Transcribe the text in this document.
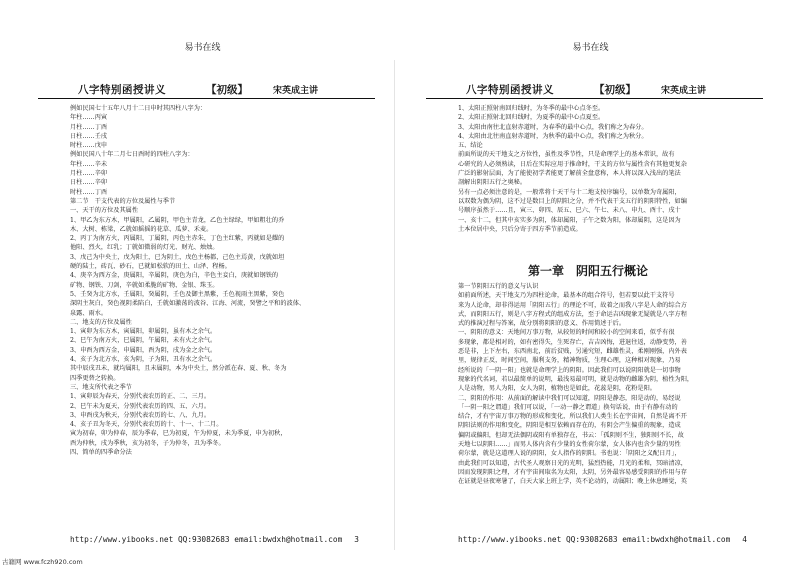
易书在线
八字特别函授讲义	【初级】	宋英成主讲

例如民国七十五年八月十二日申时其四柱八字为：

年柱……丙寅

月柱……丁酉

日柱……壬戌

时柱……戊申

例如民国八十年二月七日酉时的四柱八字为：

年柱……辛未

月柱……辛卯

日柱……辛卯

时柱……丁酉

第二节　干支代表的方位及属性与季节

一、天干的方位及其属性

1、甲乙为东方木，甲属阳，乙属阴，甲色主青龙，乙色主绿绿，甲如粗壮的乔

木、大树、栋梁，乙就如摇摇的花草、瓜萝、禾麦。

2、丙丁为南方火，丙属阳，丁属阴，丙色主赤朱，丁色主红紫，丙就如是耀的

他阳、烈火，红乳；丁就如微弱的灯光、财光、烛烛。

3、戊己为中央土，戊为阳土，已为阴土，戊色主杨都，己色主焉黄，戊就如坦

硬的陆土，砖瓦、砂石，已就如松软的田土、山泽、程杨。

4、庚辛为西方金，庚属阳，辛属阴，庚色为白，辛色主妾白，庚就如钢铁的

矿物、钢铁、刀剑，辛就如柔脆的矿物、金银、珠玉。

5、壬癸为北方水，壬属阳，癸属阴，壬色及御主黑紫，壬色视雨主黑紫，癸色

深阴主灰白，癸色视阴柔陷白，壬就如激荡的波谷、江海、河流，癸譬之平和的波体、

泉露、雨水。

二、地支的方位及属性

1、寅卯为东方木，寅属阳，卯属阴，虽有木之余气。

2、巳午为南方火，巳属阴，午属阳，未有火之余气。

3、申酉为西方金，申属阳，酉为阴，戌为金之余气。

4、亥子为北方水，亥为阴，子为阳，丑有水之余气。

其中辰戌丑未，就均属阳，且未属阴，本为中央土，然分派在春、夏、秋、冬为

四季更替之转换。

三、地支所代表之季节

1、寅卯辰为春天，分别代表农历的正、二、三月。

2、巳午未为夏天，分别代表农历的四、五、六月。

3、申酉戌为秋天，分别代表农历的七、八、九月。

4、亥子丑为冬天，分别代表农历的十、十一、十二月。

寅为初春，卯为仲春，辰为季春，巳为初夏，午为仲夏，未为季夏，申为初秋，

酉为仲秋，戌为季秋，亥为初冬，子为仲冬，丑为季冬。

四、简单的四季命分法

http://www.yibooks.net QQ:93082683 email:bwdxh@hotmail.com 3
易书在线
八字特别函授讲义	【初级】	宋英成主讲

1、太阳正照射南回归线时，为冬季的最中心点冬至。

2、太阳正照射北回归线时，为夏季的最中心点夏至。

3、太阳由南往北直射赤道时，为春季的最中心点，我们称之为春分。

4、太阳由北往南直射赤道时，为秋季的最中心点，我们称之为秋分。

五、结论

前面所说的天干地支之方位性，虽性及季节性，只是命理学上的基本常识，故有

心研究的人必须熟读，日后在实际应用于推命时，干支的方位与属性含有其他更复杂

广泛的影射层面，为了能使初学者能更了解前全盘意称，本人将以深入浅出的笔法

剖解出阴阳五行之奥秘。

另有一点必须注意的是，一般常将十天干与十二地支按序编号，以单数为奇属阳，

以双数为偶为阴，这不过是数目上的阴阳之分，并不代表干支五行的阴阳特性，如编

号顺序虽然于……且，寅三、卯四、辰五、巳六、午七、未八、申九、酉十、戌十

一、亥十二，但其中亥实多为阴，体却属阳，子午之数为阳，体却属阴，这是因为

土本位居中央，只后分寄于四方季节前造成。

第一章　阴阳五行概论

第一节阴阳五行的意义与认识

如前面所述，天干地支乃为四柱论命，最基本的组合符号，但若要以此干支符号

来为人论命，却非得运用「阴阳五行」的理论不可，故着之而我八字是人命的综合方

式，而阴阳五行，则是八字方程式的组成方法，至于命运吉凶现象无疑就是八字方程

式的推演过程与答案，故分别将阴阳的意义、作用简述于后。

一、阴阳的意义：天地间万事万物，从较短的时间和较小的空间来看，似乎有很

多现象，都是相对的，如有密得失，生死存亡，吉吉凶悔，进退往返，动静变势，善

恶是非，上下左右，东西南北，前后贫贱，另通究短，雌雄性灵，柔刚刚强，内外表

里，规律正反，时间空间，服利支务，精神物质，生理心理，这种相对现象，乃易

经所说的「一阴一阳」也就是命理学上的阴阳。因此我们可以说阴阳就是一切事物

现象的代名词，若以最简单的说明，最浅易最可明，就是动物的雌雄为阴，植性为阳，

人是动物，男人为阳，女人为阴，植物也是如此，花蕊是阴，花粉是阳。

二、阴阳的作用：从前面的解读中我们可以知道，阴阳是静态，阳是动的，易经说

「一阴一阳之谓道」我们可以说，「一动一静之谓道」换句话说，由于有静有动的

结合，才有宇宙万事万物的形成和变化，所以我们人类生长在宇宙间，自然是离不开

阴阳法则的作用和变化，阴阳是相互依赖而存在的，有阴会产生偏重的现象，造成

偏阴或偏阳，但却无法偶阴或阳有单独存在，书云：「孤阴则不生，独阳则不长，故

天地七以阴阳……」而男人体内含有少量的女性荷尔蒙，女人体内也含少量的男性

荷尔蒙，就是这道理人说的阴阳，女人指作的阴阳。书也说：「阴阳之义配日月」，

由此我们可以知道，古代圣人观察日光的光明，猛烈热能，月光的柔和，冥暗清凉，

因而发现阴阳之理，才有宇宙间取名为太阳，太阴，另外最容易感受阴阳的作用与存

在证就是昼夜寒暑了，白天大家上班上学，英不论动的，动属阳；晚上休息睡觉，英

http://www.yibooks.net QQ:93082683 email:bwdxh@hotmail.com 4
古籍网 www.fczh920.com
